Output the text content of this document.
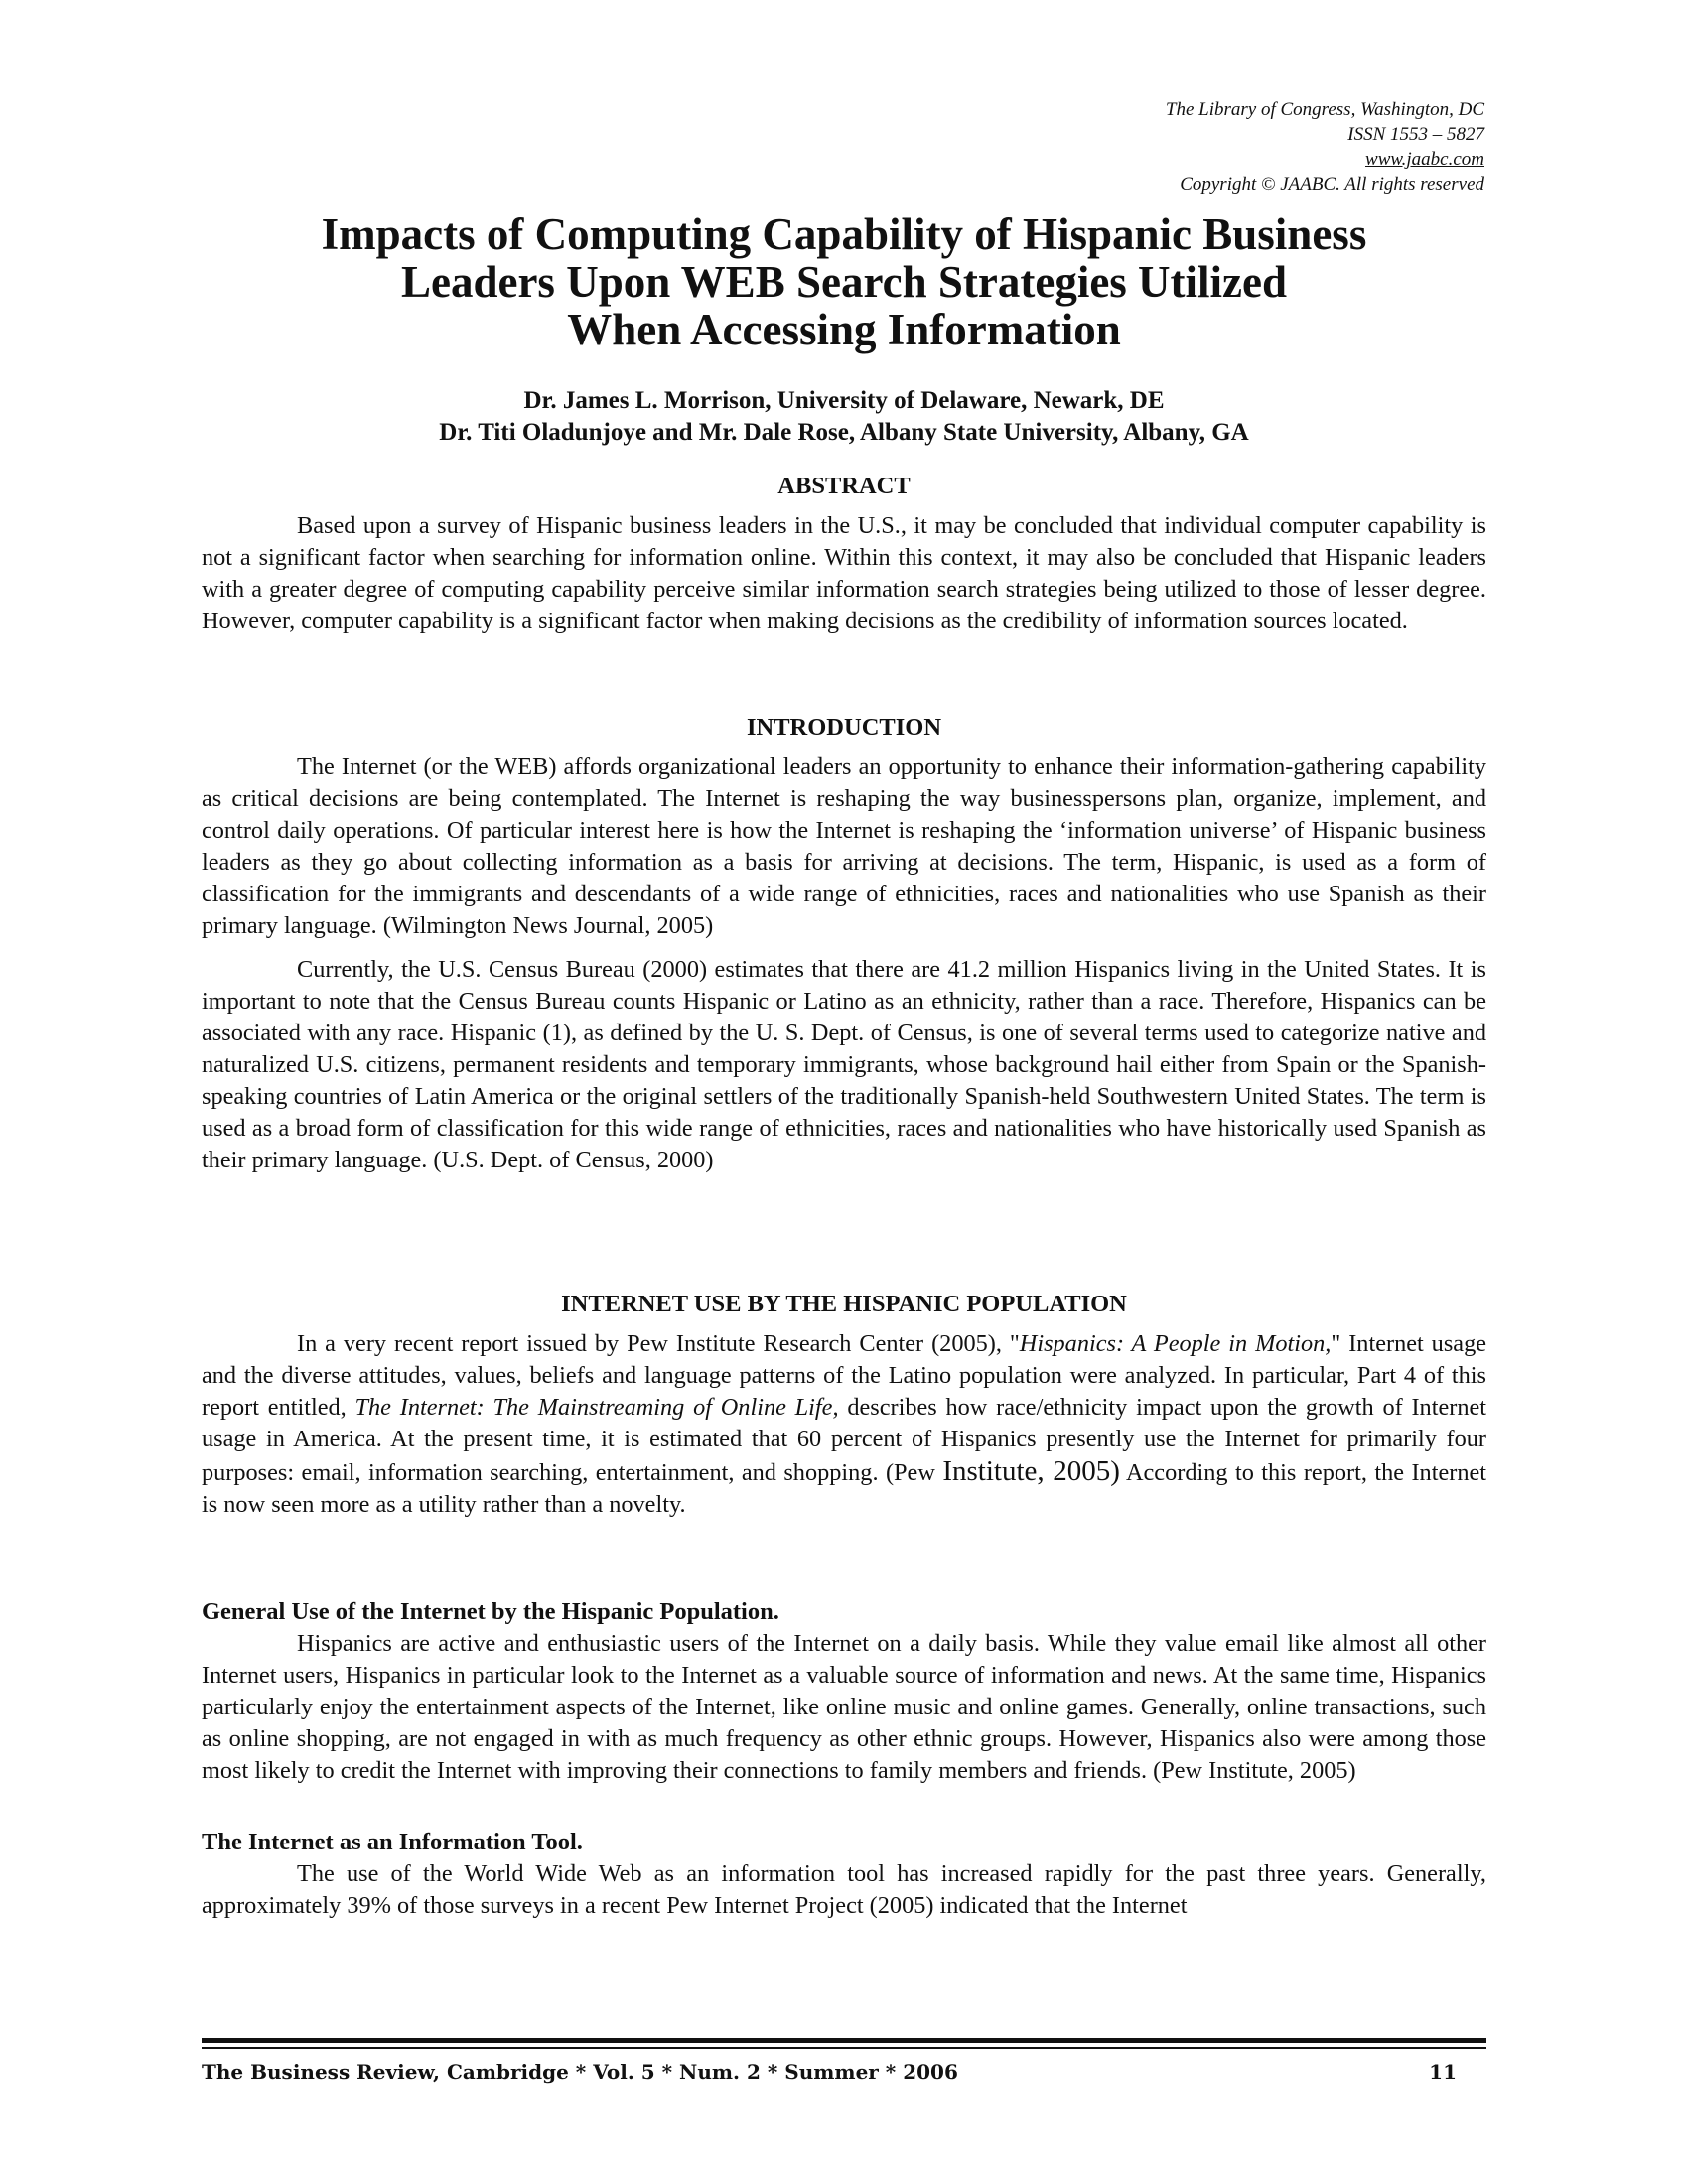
The Library of Congress, Washington, DC
ISSN 1553 – 5827
www.jaabc.com
Copyright © JAABC. All rights reserved
Impacts of Computing Capability of Hispanic Business
Leaders Upon WEB Search Strategies Utilized
When Accessing Information
Dr. James L. Morrison, University of Delaware, Newark, DE
Dr. Titi Oladunjoye and Mr. Dale Rose, Albany State University, Albany, GA

ABSTRACT

Based upon a survey of Hispanic business leaders in the U.S., it may be concluded that individual computer capability is not a significant factor when searching for information online. Within this context, it may also be concluded that Hispanic leaders with a greater degree of computing capability perceive similar information search strategies being utilized to those of lesser degree. However, computer capability is a significant factor when making decisions as the credibility of information sources located.

INTRODUCTION

The Internet (or the WEB) affords organizational leaders an opportunity to enhance their information-gathering capability as critical decisions are being contemplated. The Internet is reshaping the way businesspersons plan, organize, implement, and control daily operations. Of particular interest here is how the Internet is reshaping the ‘information universe’ of Hispanic business leaders as they go about collecting information as a basis for arriving at decisions. The term, Hispanic, is used as a form of classification for the immigrants and descendants of a wide range of ethnicities, races and nationalities who use Spanish as their primary language. (Wilmington News Journal, 2005)

Currently, the U.S. Census Bureau (2000) estimates that there are 41.2 million Hispanics living in the United States. It is important to note that the Census Bureau counts Hispanic or Latino as an ethnicity, rather than a race. Therefore, Hispanics can be associated with any race. Hispanic (1), as defined by the U. S. Dept. of Census, is one of several terms used to categorize native and naturalized U.S. citizens, permanent residents and temporary immigrants, whose background hail either from Spain or the Spanish-speaking countries of Latin America or the original settlers of the traditionally Spanish-held Southwestern United States. The term is used as a broad form of classification for this wide range of ethnicities, races and nationalities who have historically used Spanish as their primary language. (U.S. Dept. of Census, 2000)

INTERNET USE BY THE HISPANIC POPULATION

In a very recent report issued by Pew Institute Research Center (2005), "Hispanics: A People in Motion," Internet usage and the diverse attitudes, values, beliefs and language patterns of the Latino population were analyzed. In particular, Part 4 of this report entitled, The Internet: The Mainstreaming of Online Life, describes how race/ethnicity impact upon the growth of Internet usage in America. At the present time, it is estimated that 60 percent of Hispanics presently use the Internet for primarily four purposes: email, information searching, entertainment, and shopping. (Pew Institute, 2005) According to this report, the Internet is now seen more as a utility rather than a novelty.

General Use of the Internet by the Hispanic Population.

Hispanics are active and enthusiastic users of the Internet on a daily basis. While they value email like almost all other Internet users, Hispanics in particular look to the Internet as a valuable source of information and news. At the same time, Hispanics particularly enjoy the entertainment aspects of the Internet, like online music and online games. Generally, online transactions, such as online shopping, are not engaged in with as much frequency as other ethnic groups. However, Hispanics also were among those most likely to credit the Internet with improving their connections to family members and friends. (Pew Institute, 2005)

The Internet as an Information Tool.

The use of the World Wide Web as an information tool has increased rapidly for the past three years. Generally, approximately 39% of those surveys in a recent Pew Internet Project (2005) indicated that the Internet

The Business Review, Cambridge * Vol. 5 * Num. 2 * Summer * 2006	11
